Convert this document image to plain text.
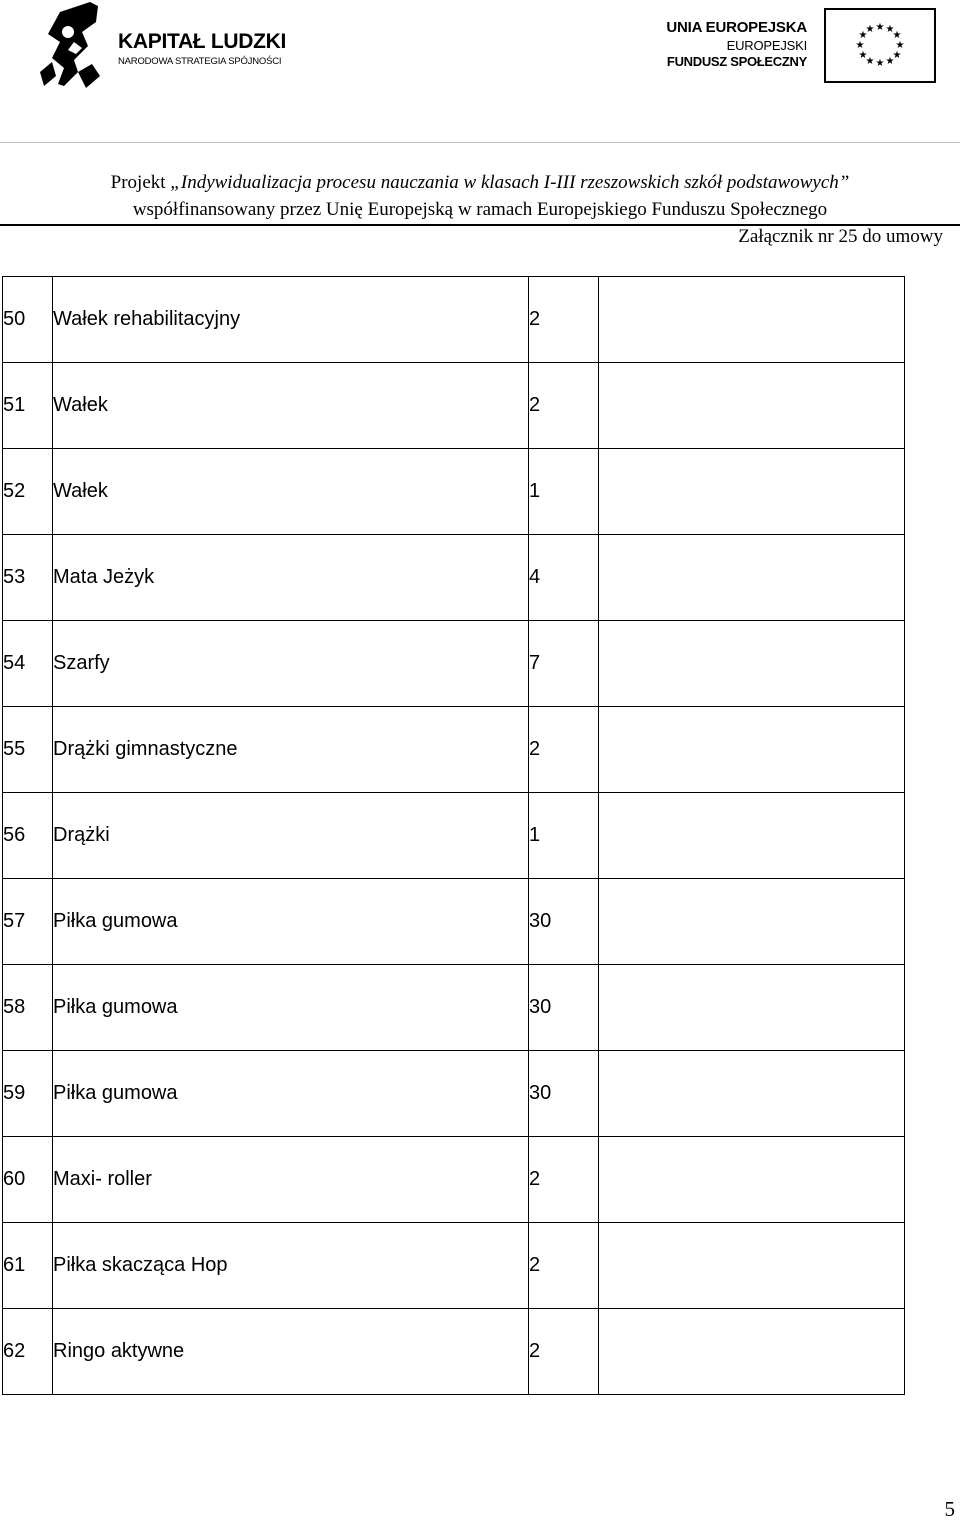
KAPITAŁ LUDZKI
NARODOWA STRATEGIA SPÓJNOŚCI
UNIA EUROPEJSKA
EUROPEJSKI
FUNDUSZ SPOŁECZNY
★ ★
★
★
★
★
★
★
★
★
★
★
Projekt „Indywidualizacja procesu nauczania w klasach I-III rzeszowskich szkół podstawowych”
współfinansowany przez Unię Europejską w ramach Europejskiego Funduszu Społecznego
Załącznik nr 25 do umowy
50	Wałek rehabilitacyjny	2	
51	Wałek	2	
52	Wałek	1	
53	Mata Jeżyk	4	
54	Szarfy	7	
55	Drążki gimnastyczne	2	
56	Drążki	1	
57	Piłka gumowa	30	
58	Piłka gumowa	30	
59	Piłka gumowa	30	
60	Maxi- roller	2	
61	Piłka skacząca Hop	2	
62	Ringo aktywne	2	
5
